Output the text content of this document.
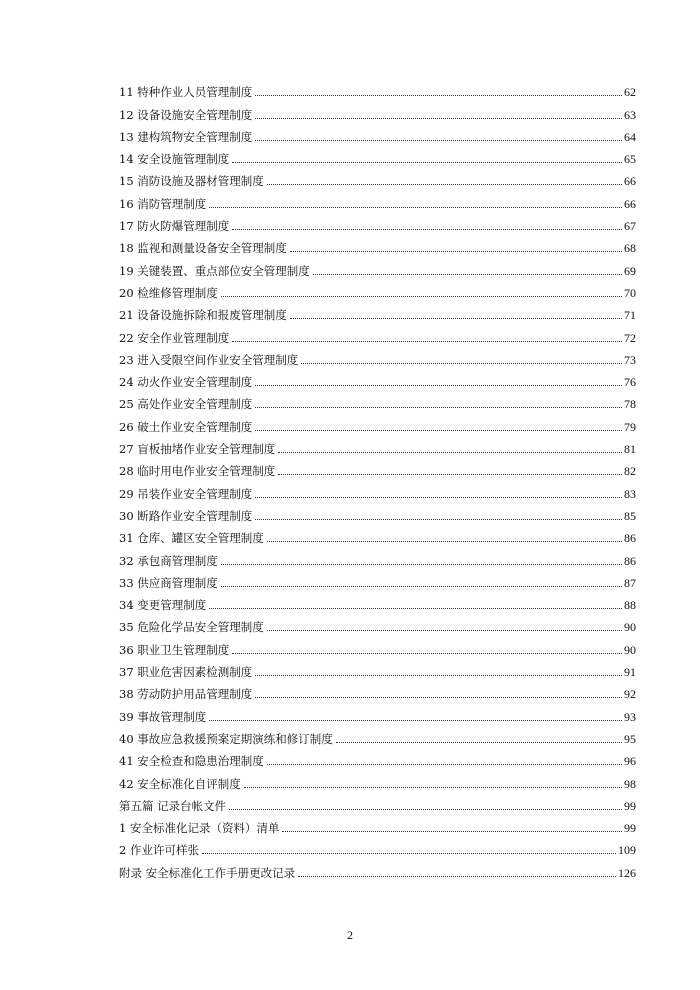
11 特种作业人员管理制度	62
12 设备设施安全管理制度	63
13 建构筑物安全管理制度	64
14 安全设施管理制度	65
15 消防设施及器材管理制度	66
16 消防管理制度	66
17 防火防爆管理制度	67
18 监视和测量设备安全管理制度	68
19 关键装置、重点部位安全管理制度	69
20 检维修管理制度	70
21 设备设施拆除和报废管理制度	71
22 安全作业管理制度	72
23 进入受限空间作业安全管理制度	73
24 动火作业安全管理制度	76
25 高处作业安全管理制度	78
26 破土作业安全管理制度	79
27 盲板抽堵作业安全管理制度	81
28 临时用电作业安全管理制度	82
29 吊装作业安全管理制度	83
30 断路作业安全管理制度	85
31 仓库、罐区安全管理制度	86
32 承包商管理制度	86
33 供应商管理制度	87
34 变更管理制度	88
35 危险化学品安全管理制度	90
36 职业卫生管理制度	90
37 职业危害因素检测制度	91
38 劳动防护用品管理制度	92
39 事故管理制度	93
40 事故应急救援预案定期演练和修订制度	95
41 安全检查和隐患治理制度	96
42 安全标准化自评制度	98
第五篇 记录台帐文件	99
1 安全标准化记录（资料）清单	99
2 作业许可样张	109
附录 安全标准化工作手册更改记录	126
2
